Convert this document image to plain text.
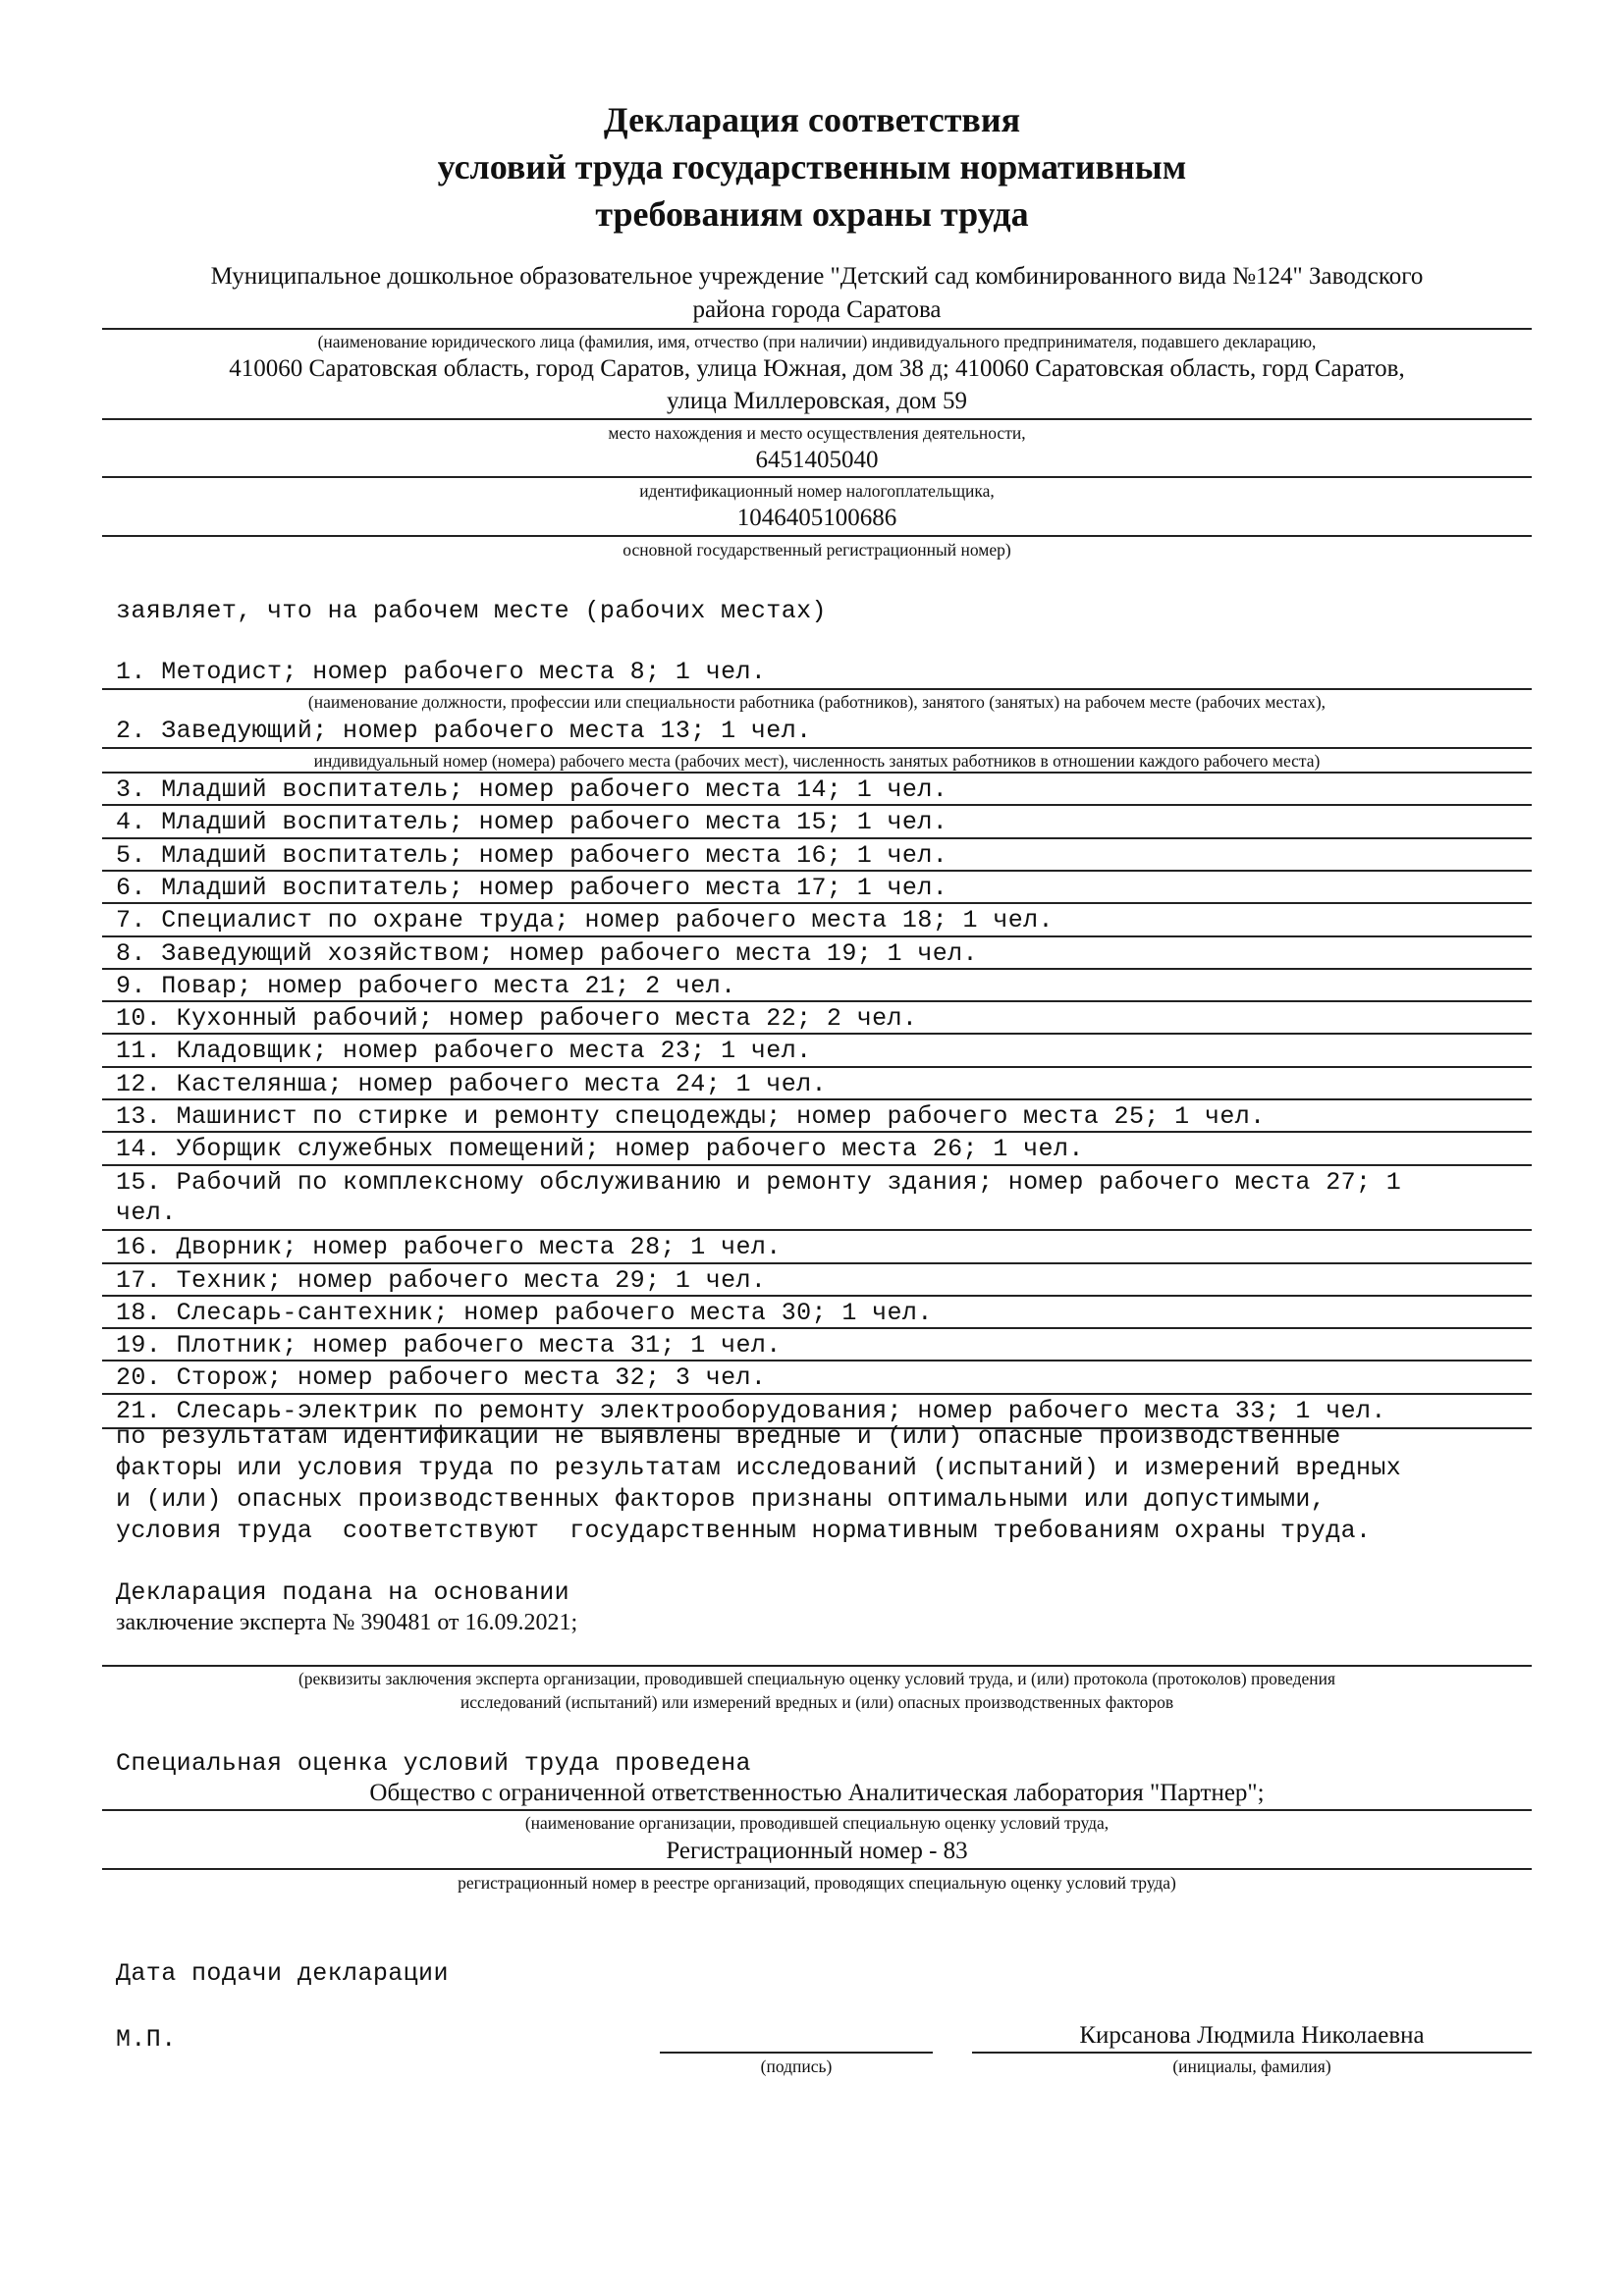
Декларация соответствия
условий труда государственным нормативным
требованиям охраны труда
Муниципальное дошкольное образовательное учреждение "Детский сад комбинированного вида №124" Заводского
района города Саратова
(наименование юридического лица (фамилия, имя, отчество (при наличии) индивидуального предпринимателя, подавшего декларацию,
410060 Саратовская область, город Саратов, улица Южная, дом 38 д; 410060 Саратовская область, горд Саратов,
улица Миллеровская, дом 59
место нахождения и место осуществления деятельности,
6451405040
идентификационный номер налогоплательщика,
1046405100686
основной государственный регистрационный номер)
заявляет, что на рабочем месте (рабочих местах)
1. Методист; номер рабочего места 8; 1 чел.
(наименование должности, профессии или специальности работника (работников), занятого (занятых) на рабочем месте (рабочих местах),
2. Заведующий; номер рабочего места 13; 1 чел.
индивидуальный номер (номера) рабочего места (рабочих мест), численность занятых работников в отношении каждого рабочего места)
3. Младший воспитатель; номер рабочего места 14; 1 чел.
4. Младший воспитатель; номер рабочего места 15; 1 чел.
5. Младший воспитатель; номер рабочего места 16; 1 чел.
6. Младший воспитатель; номер рабочего места 17; 1 чел.
7. Специалист по охране труда; номер рабочего места 18; 1 чел.
8. Заведующий хозяйством; номер рабочего места 19; 1 чел.
9. Повар; номер рабочего места 21; 2 чел.
10. Кухонный рабочий; номер рабочего места 22; 2 чел.
11. Кладовщик; номер рабочего места 23; 1 чел.
12. Кастелянша; номер рабочего места 24; 1 чел.
13. Машинист по стирке и ремонту спецодежды; номер рабочего места 25; 1 чел.
14. Уборщик служебных помещений; номер рабочего места 26; 1 чел.
15. Рабочий по комплексному обслуживанию и ремонту здания; номер рабочего места 27; 1
чел.
16. Дворник; номер рабочего места 28; 1 чел.
17. Техник; номер рабочего места 29; 1 чел.
18. Слесарь-сантехник; номер рабочего места 30; 1 чел.
19. Плотник; номер рабочего места 31; 1 чел.
20. Сторож; номер рабочего места 32; 3 чел.
21. Слесарь-электрик по ремонту электрооборудования; номер рабочего места 33; 1 чел.
по результатам идентификации не выявлены вредные и (или) опасные производственные
факторы или условия труда по результатам исследований (испытаний) и измерений вредных
и (или) опасных производственных факторов признаны оптимальными или допустимыми,
условия труда  соответствуют  государственным нормативным требованиям охраны труда.
Декларация подана на основании
заключение эксперта № 390481 от 16.09.2021;
(реквизиты заключения эксперта организации, проводившей специальную оценку условий труда, и (или) протокола (протоколов) проведения
исследований (испытаний) или измерений вредных и (или) опасных производственных факторов
Специальная оценка условий труда проведена
Общество с ограниченной ответственностью Аналитическая лаборатория "Партнер";
(наименование организации, проводившей специальную оценку условий труда,
Регистрационный номер - 83
регистрационный номер в реестре организаций, проводящих специальную оценку условий труда)
Дата подачи декларации
М.П.
(подпись)
Кирсанова Людмила Николаевна
(инициалы, фамилия)
